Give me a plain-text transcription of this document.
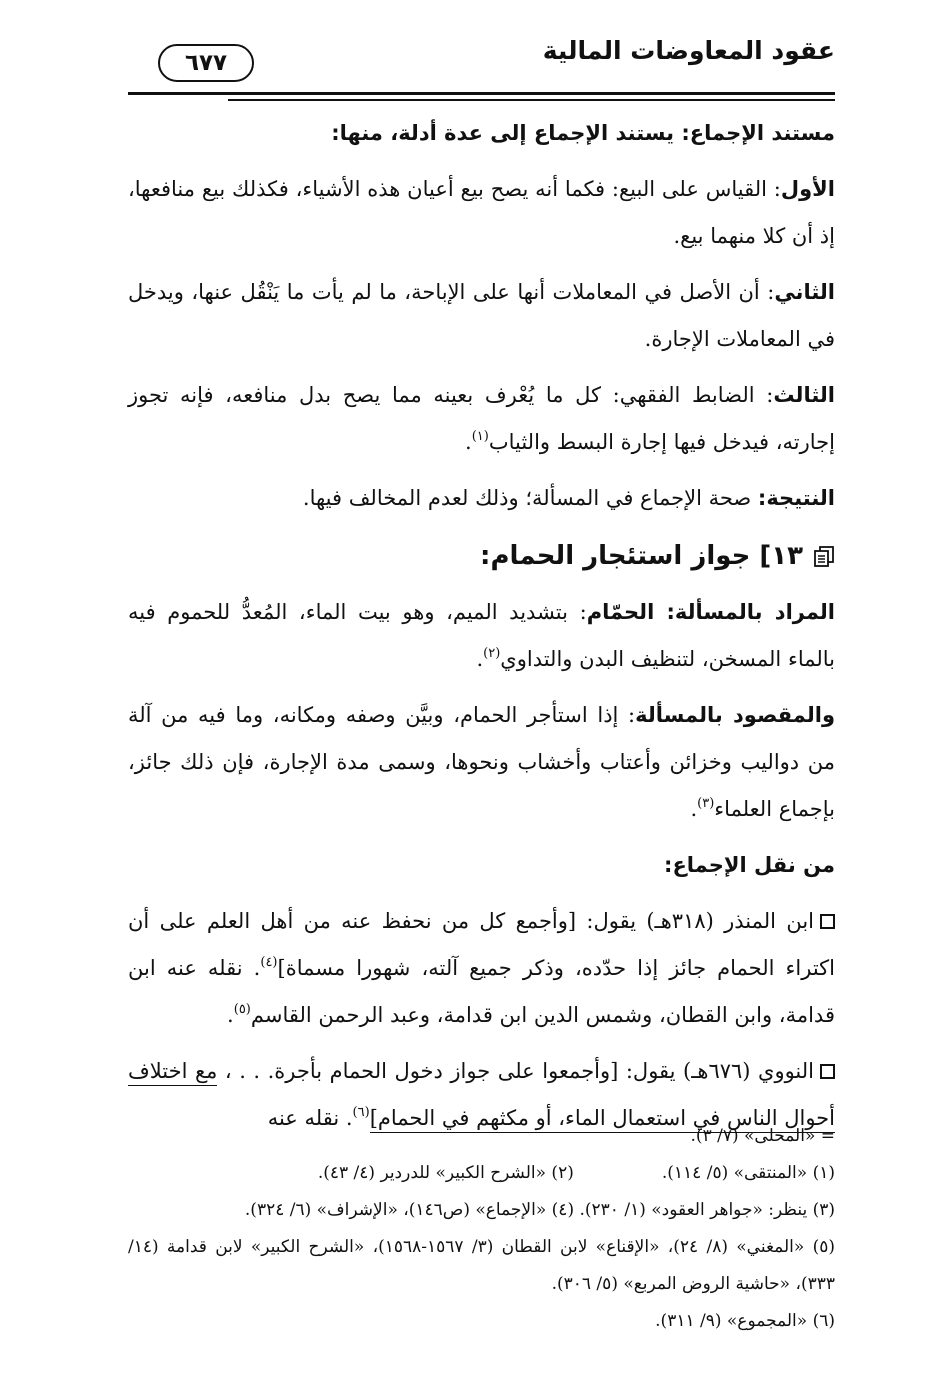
عقود المعاوضات المالية
٦٧٧

مستند الإجماع: يستند الإجماع إلى عدة أدلة، منها:

الأول: القياس على البيع: فكما أنه يصح بيع أعيان هذه الأشياء، فكذلك بيع منافعها، إذ أن كلا منهما بيع.

الثاني: أن الأصل في المعاملات أنها على الإباحة، ما لم يأت ما يَنْقُل عنها، ويدخل في المعاملات الإجارة.

الثالث: الضابط الفقهي: كل ما يُعْرف بعينه مما يصح بدل منافعه، فإنه تجوز إجارته، فيدخل فيها إجارة البسط والثياب$^{(١)}$.

النتيجة: صحة الإجماع في المسألة؛ وذلك لعدم المخالف فيها.

١٣] جواز استئجار الحمام:

المراد بالمسألة: الحمّام: بتشديد الميم، وهو بيت الماء، المُعدُّ للحموم فيه بالماء المسخن، لتنظيف البدن والتداوي$^{(٢)}$.

والمقصود بالمسألة: إذا استأجر الحمام، وبيَّن وصفه ومكانه، وما فيه من آلة من دواليب وخزائن وأعتاب وأخشاب ونحوها، وسمى مدة الإجارة، فإن ذلك جائز، بإجماع العلماء$^{(٣)}$.

من نقل الإجماع:

ابن المنذر (٣١٨هـ) يقول: [وأجمع كل من نحفظ عنه من أهل العلم على أن اكتراء الحمام جائز إذا حدّده، وذكر جميع آلته، شهورا مسماة]$^{(٤)}$. نقله عنه ابن قدامة، وابن القطان، وشمس الدين ابن قدامة، وعبد الرحمن القاسم$^{(٥)}$.

النووي (٦٧٦هـ) يقول: [وأجمعوا على جواز دخول الحمام بأجرة. . . ، مع اختلاف أحوال الناس في استعمال الماء، أو مكثهم في الحمام]$^{(٦)}$. نقله عنه

= «المحلى» (٧/ ٣).
(١) «المنتقى» (٥/ ١١٤).
(٢) «الشرح الكبير» للدردير (٤/ ٤٣).
(٣) ينظر: «جواهر العقود» (١/ ٢٣٠). (٤) «الإجماع» (ص١٤٦)، «الإشراف» (٦/ ٣٢٤).
(٥) «المغني» (٨/ ٢٤)، «الإقناع» لابن القطان (٣/ ١٥٦٧-١٥٦٨)، «الشرح الكبير» لابن قدامة (١٤/ ٣٣٣)، «حاشية الروض المربع» (٥/ ٣٠٦).
(٦) «المجموع» (٩/ ٣١١).
